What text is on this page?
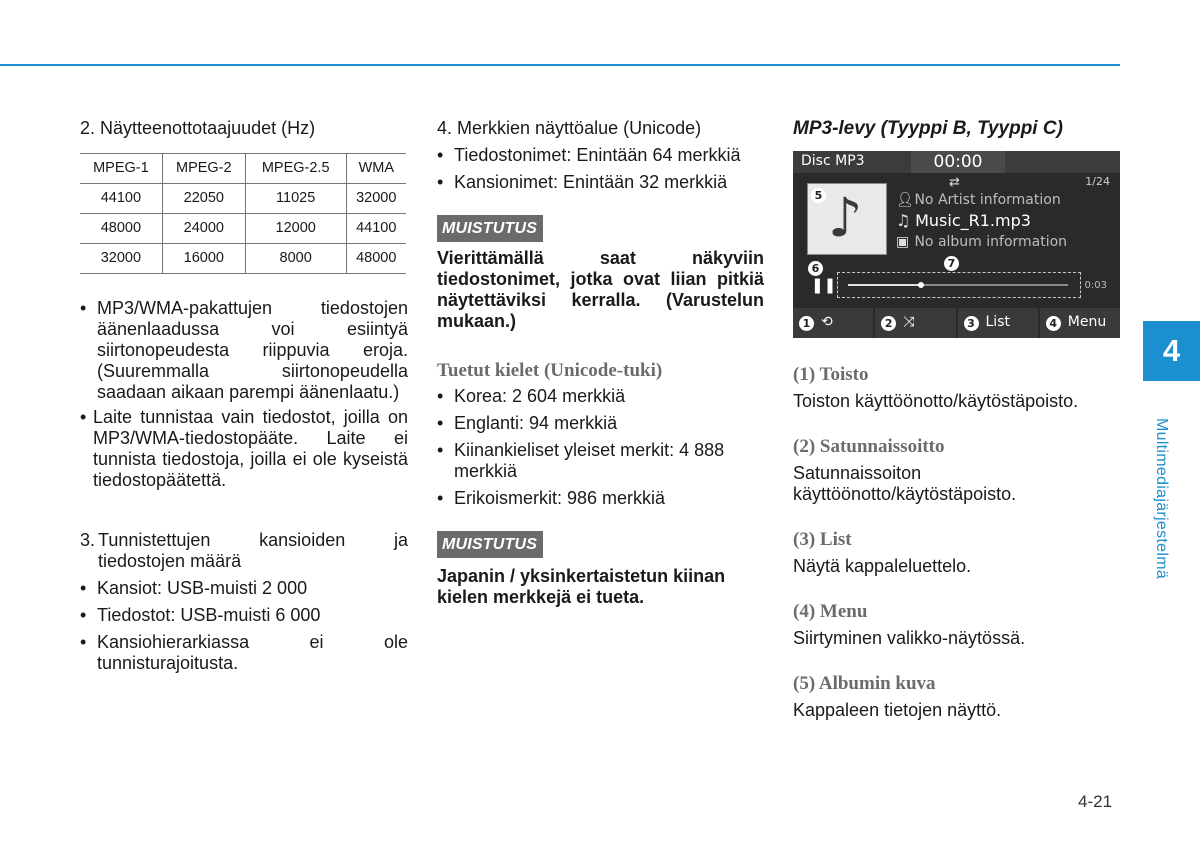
2. Näytteenottotaajuudet (Hz)

MPEG-1	MPEG-2	MPEG-2.5	WMA
44100	22050	11025	32000
48000	24000	12000	44100
32000	16000	8000	48000

• MP3/WMA-pakattujen tiedostojen äänenlaadussa voi esiintyä siirtonopeudesta riippuvia eroja. (Suuremmalla siirtonopeudella saadaan aikaan parempi äänenlaatu.)

• Laite tunnistaa vain tiedostot, joilla on MP3/WMA-tiedostopääte. Laite ei tunnista tiedostoja, joilla ei ole kyseistä tiedostopäätettä.

3. Tunnistettujen kansioiden ja tiedostojen määrä

• Kansiot: USB-muisti 2 000

• Tiedostot: USB-muisti 6 000

• Kansiohierarkiassa ei ole tunnisturajoitusta.

4. Merkkien näyttöalue (Unicode)

• Tiedostonimet: Enintään 64 merkkiä

• Kansionimet: Enintään 32 merkkiä

MUISTUTUS

Vierittämällä saat näkyviin tiedostonimet, jotka ovat liian pitkiä näytettäviksi kerralla. (Varustelun mukaan.)

Tuetut kielet (Unicode-tuki)

• Korea: 2 604 merkkiä

• Englanti: 94 merkkiä

• Kiinankieliset yleiset merkit: 4 888 merkkiä

• Erikoismerkit: 986 merkkiä

MUISTUTUS

Japanin / yksinkertaistetun kiinan kielen merkkejä ei tueta.

MP3-levy (Tyyppi B, Tyyppi C)

Disc MP3	00:00
⇄	1/24
♪
5	👤︎ No Artist information
♫ Music_R1.mp3
▣ No album information
6	7
❚❚	0:03
1 ⟲	2 ⤨	3 List	4 Menu

(1) Toisto

Toiston käyttöönotto/käytöstäpoisto.

(2) Satunnaissoitto

Satunnaissoiton käyttöönotto/käytöstäpoisto.

(3) List

Näytä kappaleluettelo.

(4) Menu

Siirtyminen valikko-näytössä.

(5) Albumin kuva

Kappaleen tietojen näyttö.

4
Multimediajärjestelmä
4-21
